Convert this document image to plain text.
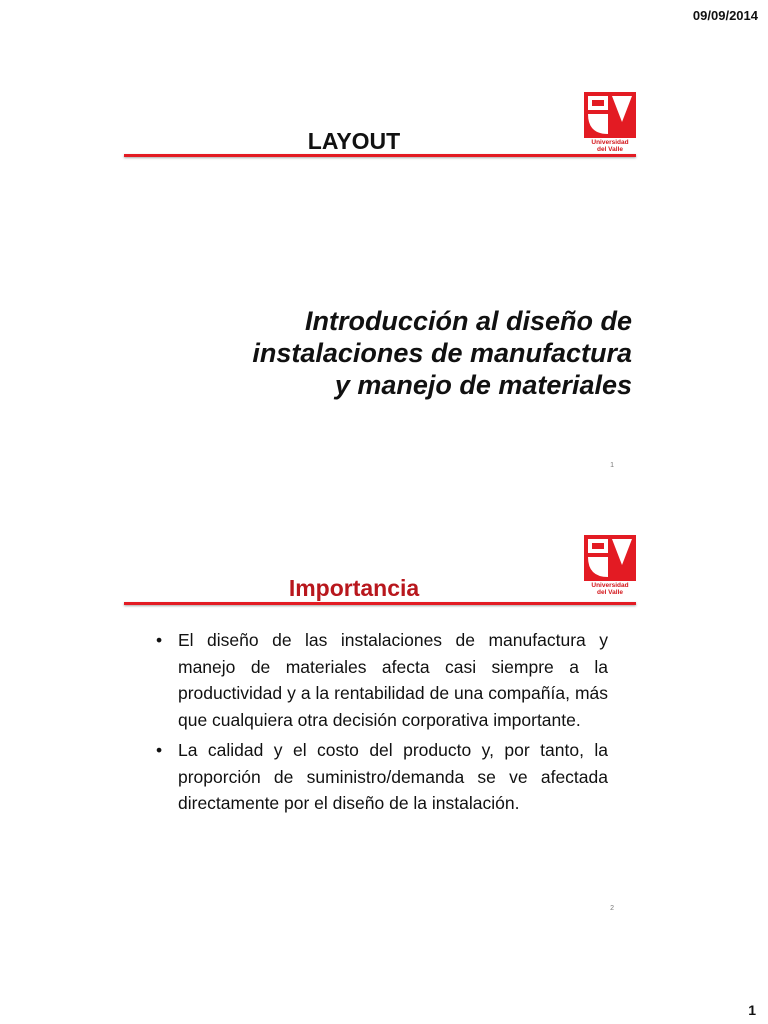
09/09/2014
Universidad
del Valle
LAYOUT
Introducción al diseño de
instalaciones de manufactura
y manejo de materiales
1
Universidad
del Valle
Importancia
• El diseño de las instalaciones de manufactura y manejo de materiales afecta casi siempre a la productividad y a la rentabilidad de una compañía, más que cualquiera otra decisión corporativa importante.
• La calidad y el costo del producto y, por tanto, la proporción de suministro/demanda se ve afectada directamente por el diseño de la instalación.
2
1
